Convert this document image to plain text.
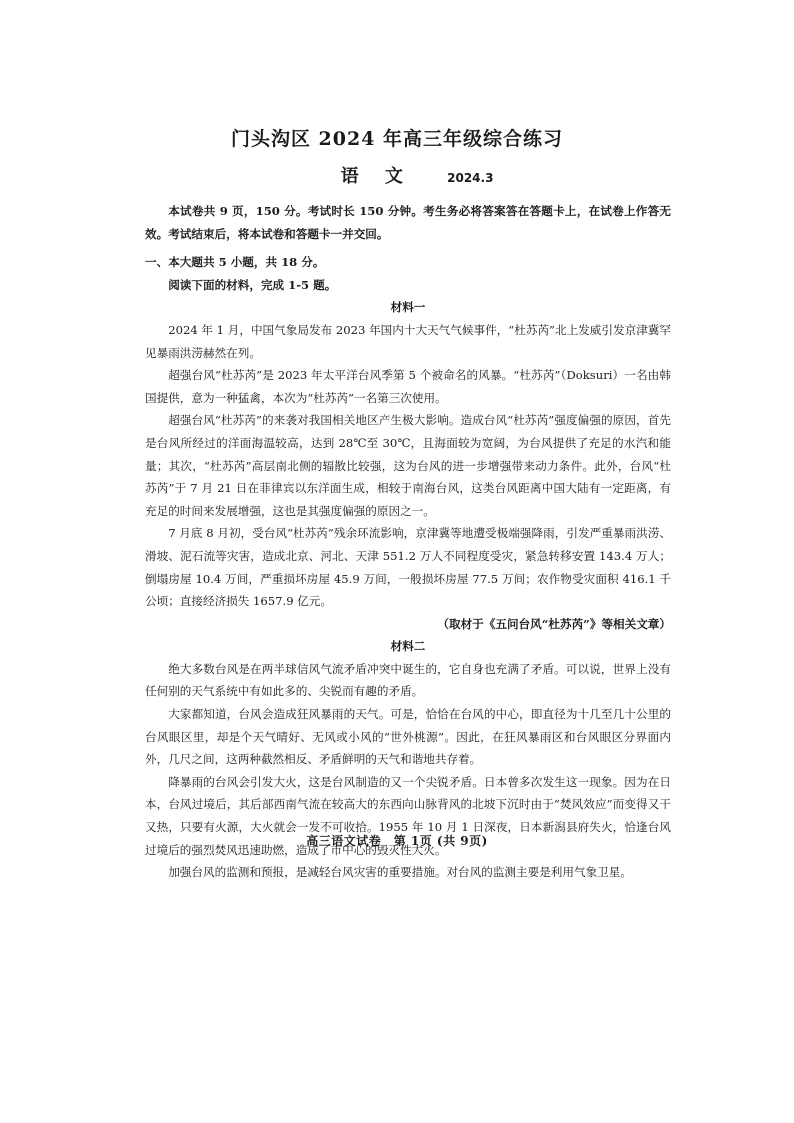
门头沟区 2024 年高三年级综合练习
语 文	2024.3

本试卷共 9 页，150 分。考试时长 150 分钟。考生务必将答案答在答题卡上，在试卷上作答无效。考试结束后，将本试卷和答题卡一并交回。

一、本大题共 5 小题，共 18 分。

阅读下面的材料，完成 1-5 题。

材料一

2024 年 1 月，中国气象局发布 2023 年国内十大天气气候事件，“杜苏芮”北上发威引发京津冀罕见暴雨洪涝赫然在列。

超强台风“杜苏芮”是 2023 年太平洋台风季第 5 个被命名的风暴。“杜苏芮”（Doksuri）一名由韩国提供，意为一种猛禽，本次为“杜苏芮”一名第三次使用。

超强台风“杜苏芮”的来袭对我国相关地区产生极大影响。造成台风“杜苏芮”强度偏强的原因，首先是台风所经过的洋面海温较高，达到 28℃至 30℃，且海面较为宽阔，为台风提供了充足的水汽和能量；其次，“杜苏芮”高层南北侧的辐散比较强，这为台风的进一步增强带来动力条件。此外，台风“杜苏芮”于 7 月 21 日在菲律宾以东洋面生成，相较于南海台风，这类台风距离中国大陆有一定距离，有充足的时间来发展增强，这也是其强度偏强的原因之一。

7 月底 8 月初，受台风“杜苏芮”残余环流影响，京津冀等地遭受极端强降雨，引发严重暴雨洪涝、滑坡、泥石流等灾害，造成北京、河北、天津 551.2 万人不同程度受灾，紧急转移安置 143.4 万人；倒塌房屋 10.4 万间，严重损坏房屋 45.9 万间，一般损坏房屋 77.5 万间；农作物受灾面积 416.1 千公顷；直接经济损失 1657.9 亿元。

（取材于《五问台风“杜苏芮”》等相关文章）

材料二

绝大多数台风是在两半球信风气流矛盾冲突中诞生的，它自身也充满了矛盾。可以说，世界上没有任何别的天气系统中有如此多的、尖锐而有趣的矛盾。

大家都知道，台风会造成狂风暴雨的天气。可是，恰恰在台风的中心，即直径为十几至几十公里的台风眼区里，却是个天气晴好、无风或小风的“世外桃源”。因此，在狂风暴雨区和台风眼区分界面内外，几尺之间，这两种截然相反、矛盾鲜明的天气和谐地共存着。

降暴雨的台风会引发大火，这是台风制造的又一个尖锐矛盾。日本曾多次发生这一现象。因为在日本，台风过境后，其后部西南气流在较高大的东西向山脉背风的北坡下沉时由于“焚风效应”而变得又干又热，只要有火源，大火就会一发不可收拾。1955 年 10 月 1 日深夜，日本新潟县府失火，恰逢台风过境后的强烈焚风迅速助燃，造成了市中心的毁灭性大火。

加强台风的监测和预报，是减轻台风灾害的重要措施。对台风的监测主要是利用气象卫星。

高三语文试卷　第 1页 (共 9页)
